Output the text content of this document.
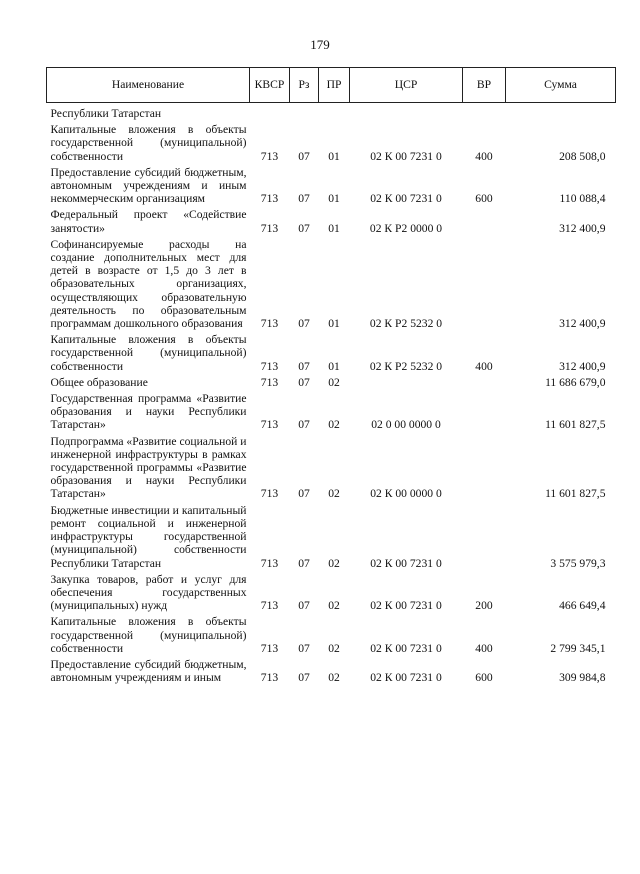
179
Наименование	КВСР	Рз	ПР	ЦСР	ВР	Сумма
Республики Татарстан						
Капитальные вложения в объекты государственной (муниципальной) собственности	713	07	01	02 К 00 7231 0	400	208 508,0
Предоставление субсидий бюджетным, автономным учреждениям и иным некоммерческим организациям	713	07	01	02 К 00 7231 0	600	110 088,4
Федеральный проект «Содействие занятости»	713	07	01	02 К Р2 0000 0		312 400,9
Софинансируемые расходы на создание дополнительных мест для детей в возрасте от 1,5 до 3 лет в образовательных организациях, осуществляющих образовательную деятельность по образовательным программам дошкольного образования	713	07	01	02 К Р2 5232 0		312 400,9
Капитальные вложения в объекты государственной (муниципальной) собственности	713	07	01	02 К Р2 5232 0	400	312 400,9
Общее образование	713	07	02			11 686 679,0
Государственная программа «Развитие образования и науки Республики Татарстан»	713	07	02	02 0 00 0000 0		11 601 827,5
Подпрограмма «Развитие социальной и инженерной инфраструктуры в рамках государственной программы «Развитие образования и науки Республики Татарстан»	713	07	02	02 К 00 0000 0		11 601 827,5
Бюджетные инвестиции и капитальный ремонт социальной и инженерной инфраструктуры государственной (муниципальной) собственности Республики Татарстан	713	07	02	02 К 00 7231 0		3 575 979,3
Закупка товаров, работ и услуг для обеспечения государственных (муниципальных) нужд	713	07	02	02 К 00 7231 0	200	466 649,4
Капитальные вложения в объекты государственной (муниципальной) собственности	713	07	02	02 К 00 7231 0	400	2 799 345,1
Предоставление субсидий бюджетным, автономным учреждениям и иным	713	07	02	02 К 00 7231 0	600	309 984,8
